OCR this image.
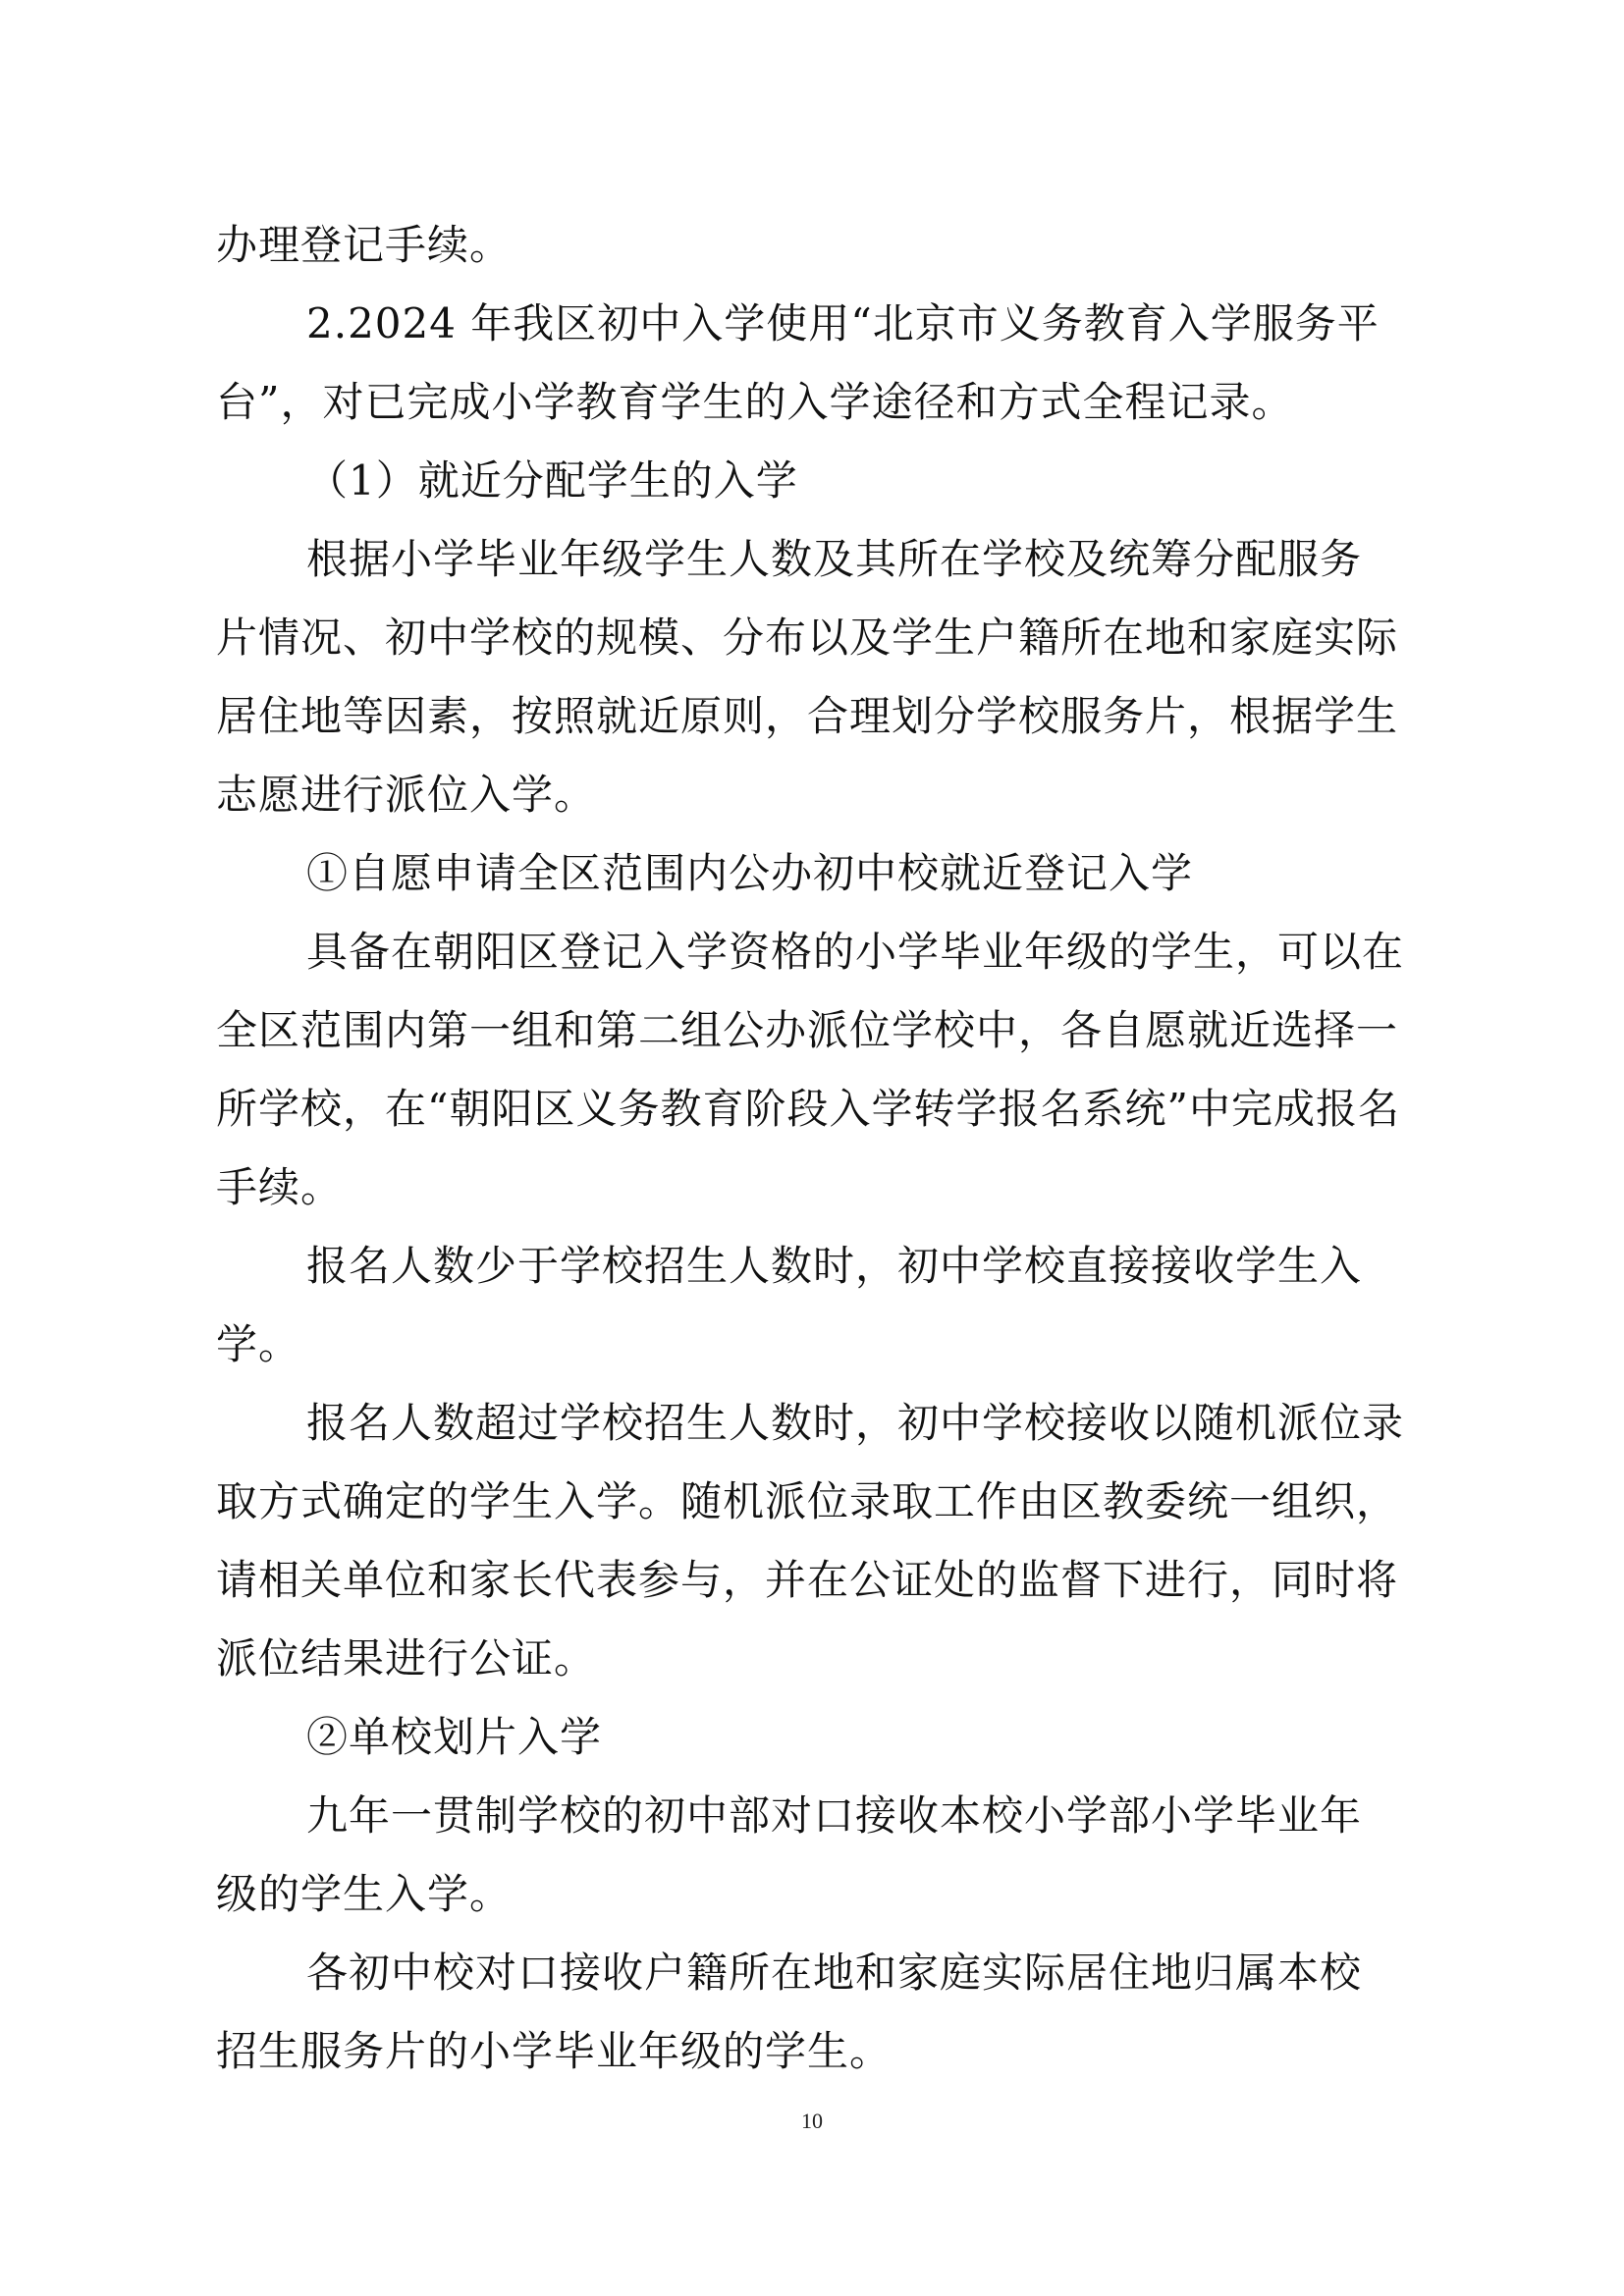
办理登记手续。
2.2024 年我区初中入学使用“北京市义务教育入学服务平
台”，对已完成小学教育学生的入学途径和方式全程记录。
（1）就近分配学生的入学
根据小学毕业年级学生人数及其所在学校及统筹分配服务
片情况、初中学校的规模、分布以及学生户籍所在地和家庭实际
居住地等因素，按照就近原则，合理划分学校服务片，根据学生
志愿进行派位入学。
①自愿申请全区范围内公办初中校就近登记入学
具备在朝阳区登记入学资格的小学毕业年级的学生，可以在
全区范围内第一组和第二组公办派位学校中，各自愿就近选择一
所学校，在“朝阳区义务教育阶段入学转学报名系统”中完成报名
手续。
报名人数少于学校招生人数时，初中学校直接接收学生入
学。
报名人数超过学校招生人数时，初中学校接收以随机派位录
取方式确定的学生入学。随机派位录取工作由区教委统一组织，
请相关单位和家长代表参与，并在公证处的监督下进行，同时将
派位结果进行公证。
②单校划片入学
九年一贯制学校的初中部对口接收本校小学部小学毕业年
级的学生入学。
各初中校对口接收户籍所在地和家庭实际居住地归属本校
招生服务片的小学毕业年级的学生。
10
